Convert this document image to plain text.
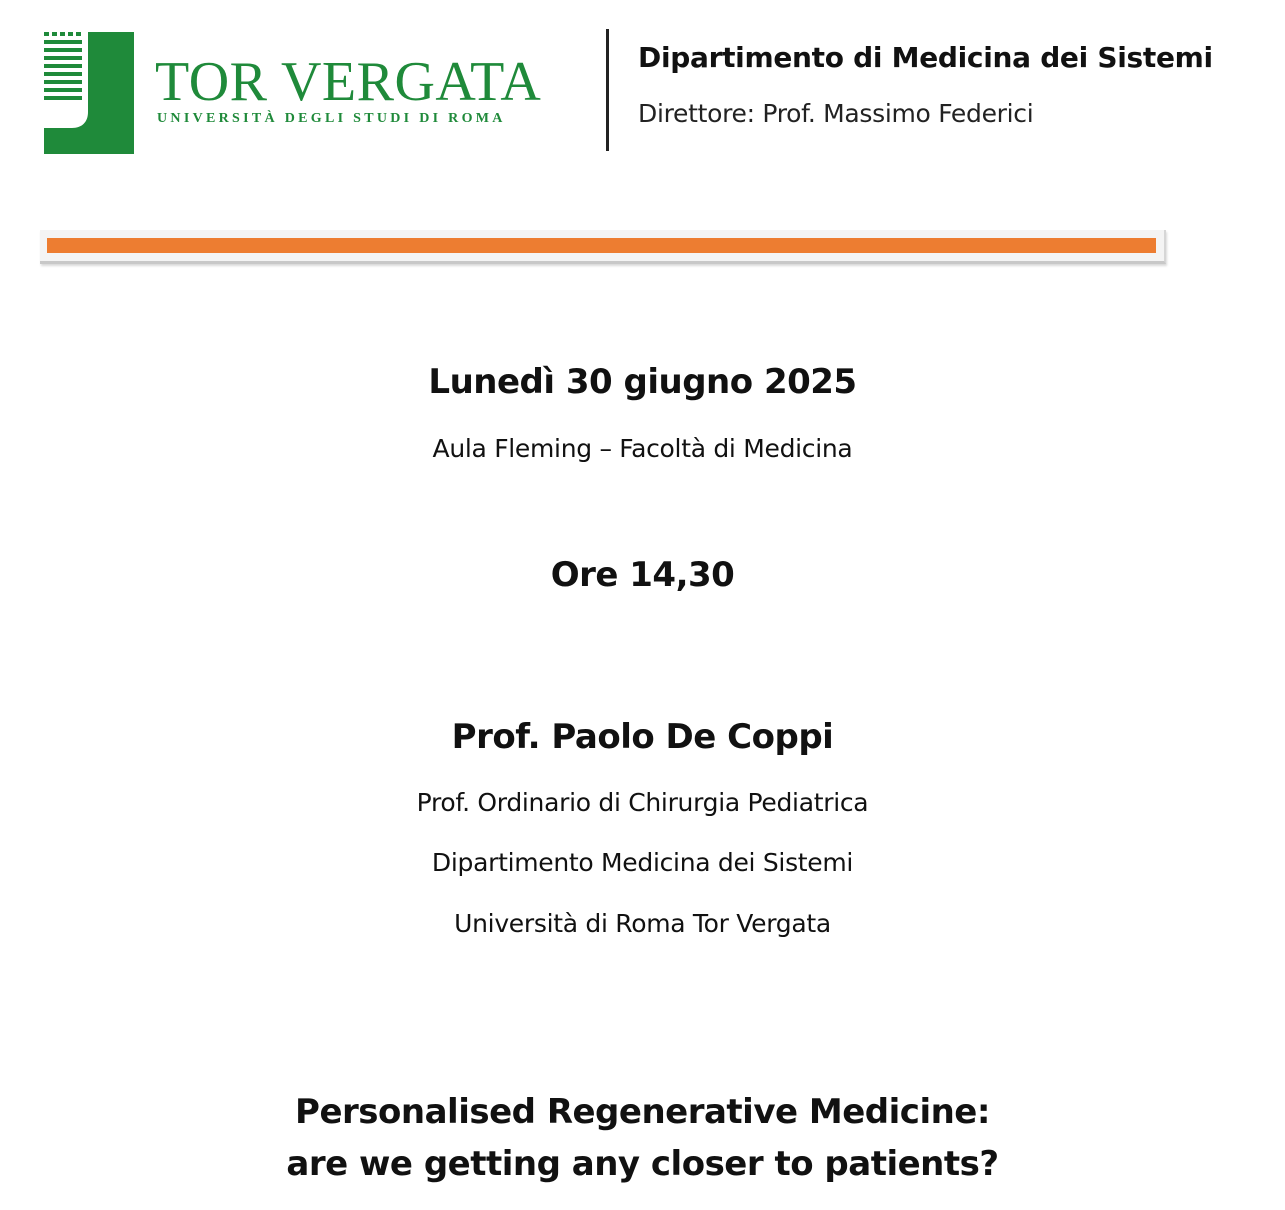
TOR VERGATA
UNIVERSITÀ DEGLI STUDI DI ROMA
Dipartimento di Medicina dei Sistemi
Direttore: Prof. Massimo Federici
Lunedì 30 giugno 2025
Aula Fleming – Facoltà di Medicina
Ore 14,30
Prof. Paolo De Coppi
Prof. Ordinario di Chirurgia Pediatrica
Dipartimento Medicina dei Sistemi
Università di Roma Tor Vergata
Personalised Regenerative Medicine:
are we getting any closer to patients?
